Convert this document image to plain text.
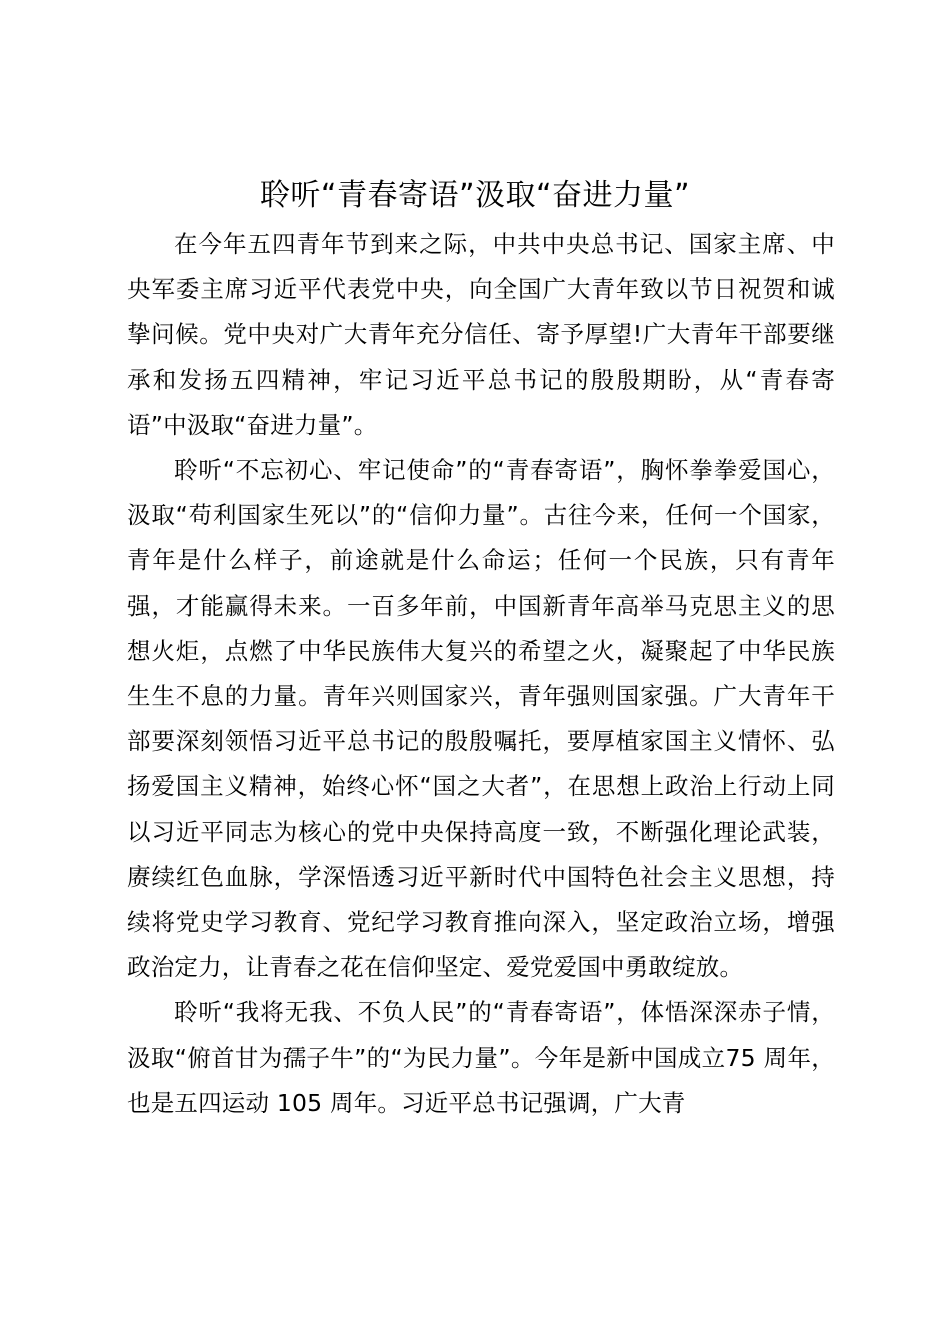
聆听“青春寄语”汲取“奋进力量”

在今年五四青年节到来之际，中共中央总书记、国家主席、中央军委主席习近平代表党中央，向全国广大青年致以节日祝贺和诚挚问候。党中央对广大青年充分信任、寄予厚望!广大青年干部要继承和发扬五四精神，牢记习近平总书记的殷殷期盼，从“青春寄语”中汲取“奋进力量”。

聆听“不忘初心、牢记使命”的“青春寄语”，胸怀拳拳爱国心，汲取“苟利国家生死以”的“信仰力量”。古往今来，任何一个国家，青年是什么样子，前途就是什么命运；任何一个民族，只有青年强，才能赢得未来。一百多年前，中国新青年高举马克思主义的思想火炬，点燃了中华民族伟大复兴的希望之火，凝聚起了中华民族生生不息的力量。青年兴则国家兴，青年强则国家强。广大青年干部要深刻领悟习近平总书记的殷殷嘱托，要厚植家国主义情怀、弘扬爱国主义精神，始终心怀“国之大者”，在思想上政治上行动上同以习近平同志为核心的党中央保持高度一致，不断强化理论武装，赓续红色血脉，学深悟透习近平新时代中国特色社会主义思想，持续将党史学习教育、党纪学习教育推向深入，坚定政治立场，增强政治定力，让青春之花在信仰坚定、爱党爱国中勇敢绽放。

聆听“我将无我、不负人民”的“青春寄语”，体悟深深赤子情，汲取“俯首甘为孺子牛”的“为民力量”。今年是新中国成立75 周年，也是五四运动 105 周年。习近平总书记强调，广大青
